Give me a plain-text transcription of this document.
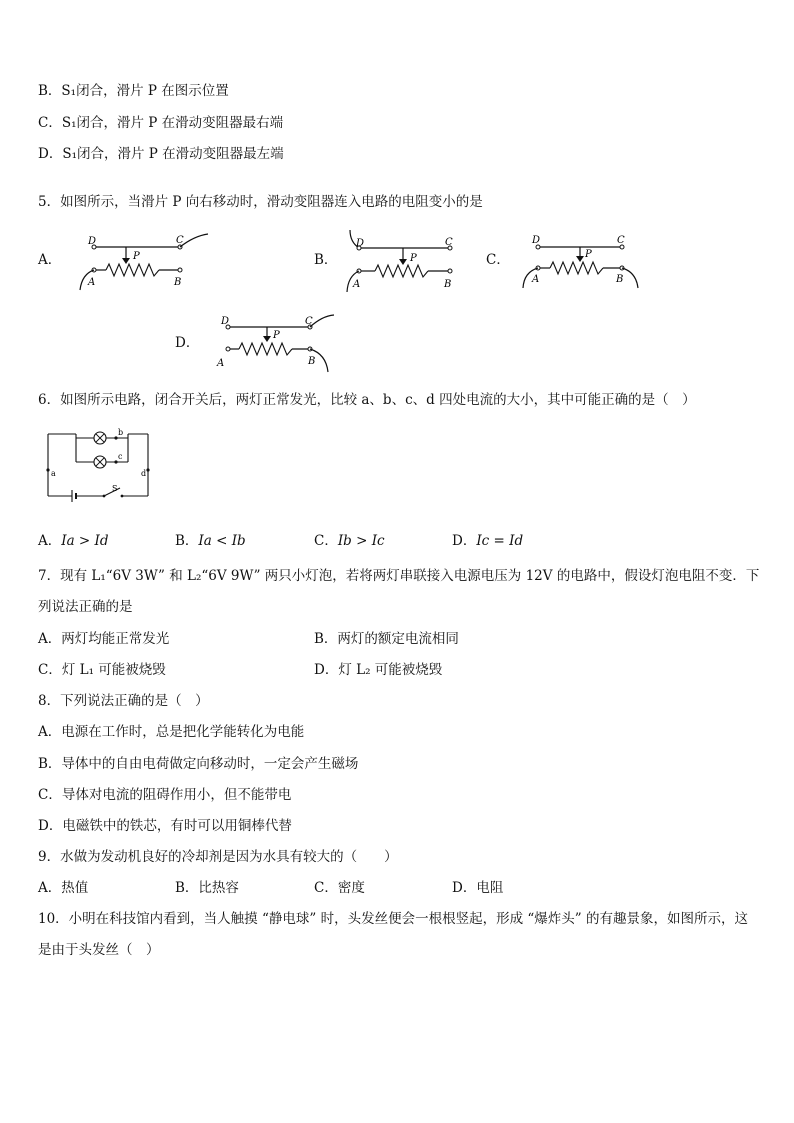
B．S₁闭合，滑片 P 在图示位置
C．S₁闭合，滑片 P 在滑动变阻器最右端
D．S₁闭合，滑片 P 在滑动变阻器最左端
5．如图所示，当滑片 P 向右移动时，滑动变阻器连入电路的电阻变小的是
A．	B．	C．
D．
D	C
P
A	B
D	C
P
A	B
D	C
P
A	B
D	C
P
A	B
6．如图所示电路，闭合开关后，两灯正常发光，比较 a、b、c、d 四处电流的大小，其中可能正确的是（　）
b
c
a	d
S
A．Ia > Id	B．Ia < Ib	C．Ib > Ic	D．Ic = Id
7．现有 L₁“6V 3W” 和 L₂“6V 9W” 两只小灯泡，若将两灯串联接入电源电压为 12V 的电路中，假设灯泡电阻不变．下列说法正确的是
A．两灯均能正常发光	B．两灯的额定电流相同
C．灯 L₁ 可能被烧毁	D．灯 L₂ 可能被烧毁
8．下列说法正确的是（　）
A．电源在工作时，总是把化学能转化为电能
B．导体中的自由电荷做定向移动时，一定会产生磁场
C．导体对电流的阻碍作用小，但不能带电
D．电磁铁中的铁芯，有时可以用铜棒代替
9．水做为发动机良好的冷却剂是因为水具有较大的（　　）
A．热值	B．比热容	C．密度	D．电阻
10．小明在科技馆内看到，当人触摸 “静电球” 时，头发丝便会一根根竖起，形成 “爆炸头” 的有趣景象，如图所示，这是由于头发丝（　）
